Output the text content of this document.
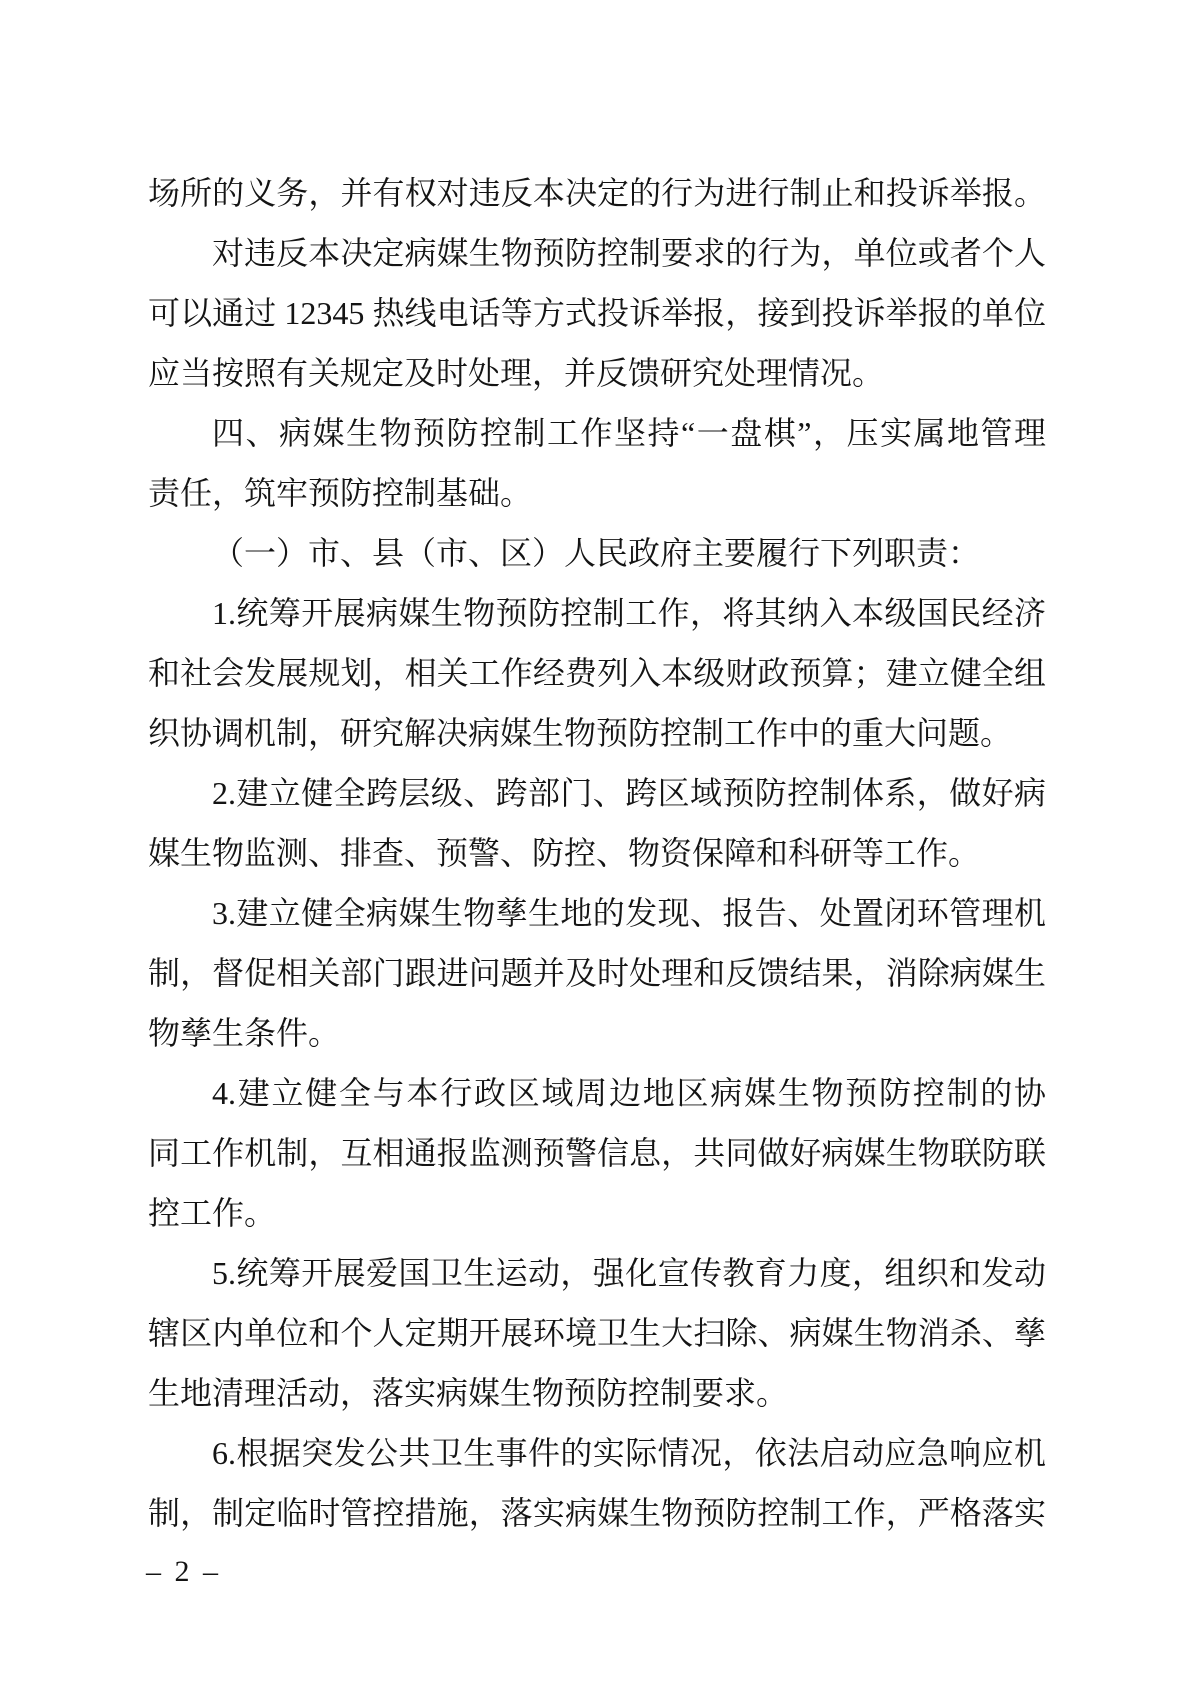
场所的义务，并有权对违反本决定的行为进行制止和投诉举报。
对违反本决定病媒生物预防控制要求的行为，单位或者个人
可以通过 12345 热线电话等方式投诉举报，接到投诉举报的单位
应当按照有关规定及时处理，并反馈研究处理情况。
四、病媒生物预防控制工作坚持“一盘棋”，压实属地管理
责任，筑牢预防控制基础。
（一）市、县（市、区）人民政府主要履行下列职责：
1.统筹开展病媒生物预防控制工作，将其纳入本级国民经济
和社会发展规划，相关工作经费列入本级财政预算；建立健全组
织协调机制，研究解决病媒生物预防控制工作中的重大问题。
2.建立健全跨层级、跨部门、跨区域预防控制体系，做好病
媒生物监测、排查、预警、防控、物资保障和科研等工作。
3.建立健全病媒生物孳生地的发现、报告、处置闭环管理机
制，督促相关部门跟进问题并及时处理和反馈结果，消除病媒生
物孳生条件。
4.建立健全与本行政区域周边地区病媒生物预防控制的协
同工作机制，互相通报监测预警信息，共同做好病媒生物联防联
控工作。
5.统筹开展爱国卫生运动，强化宣传教育力度，组织和发动
辖区内单位和个人定期开展环境卫生大扫除、病媒生物消杀、孳
生地清理活动，落实病媒生物预防控制要求。
6.根据突发公共卫生事件的实际情况，依法启动应急响应机
制，制定临时管控措施，落实病媒生物预防控制工作，严格落实
– 2 –
